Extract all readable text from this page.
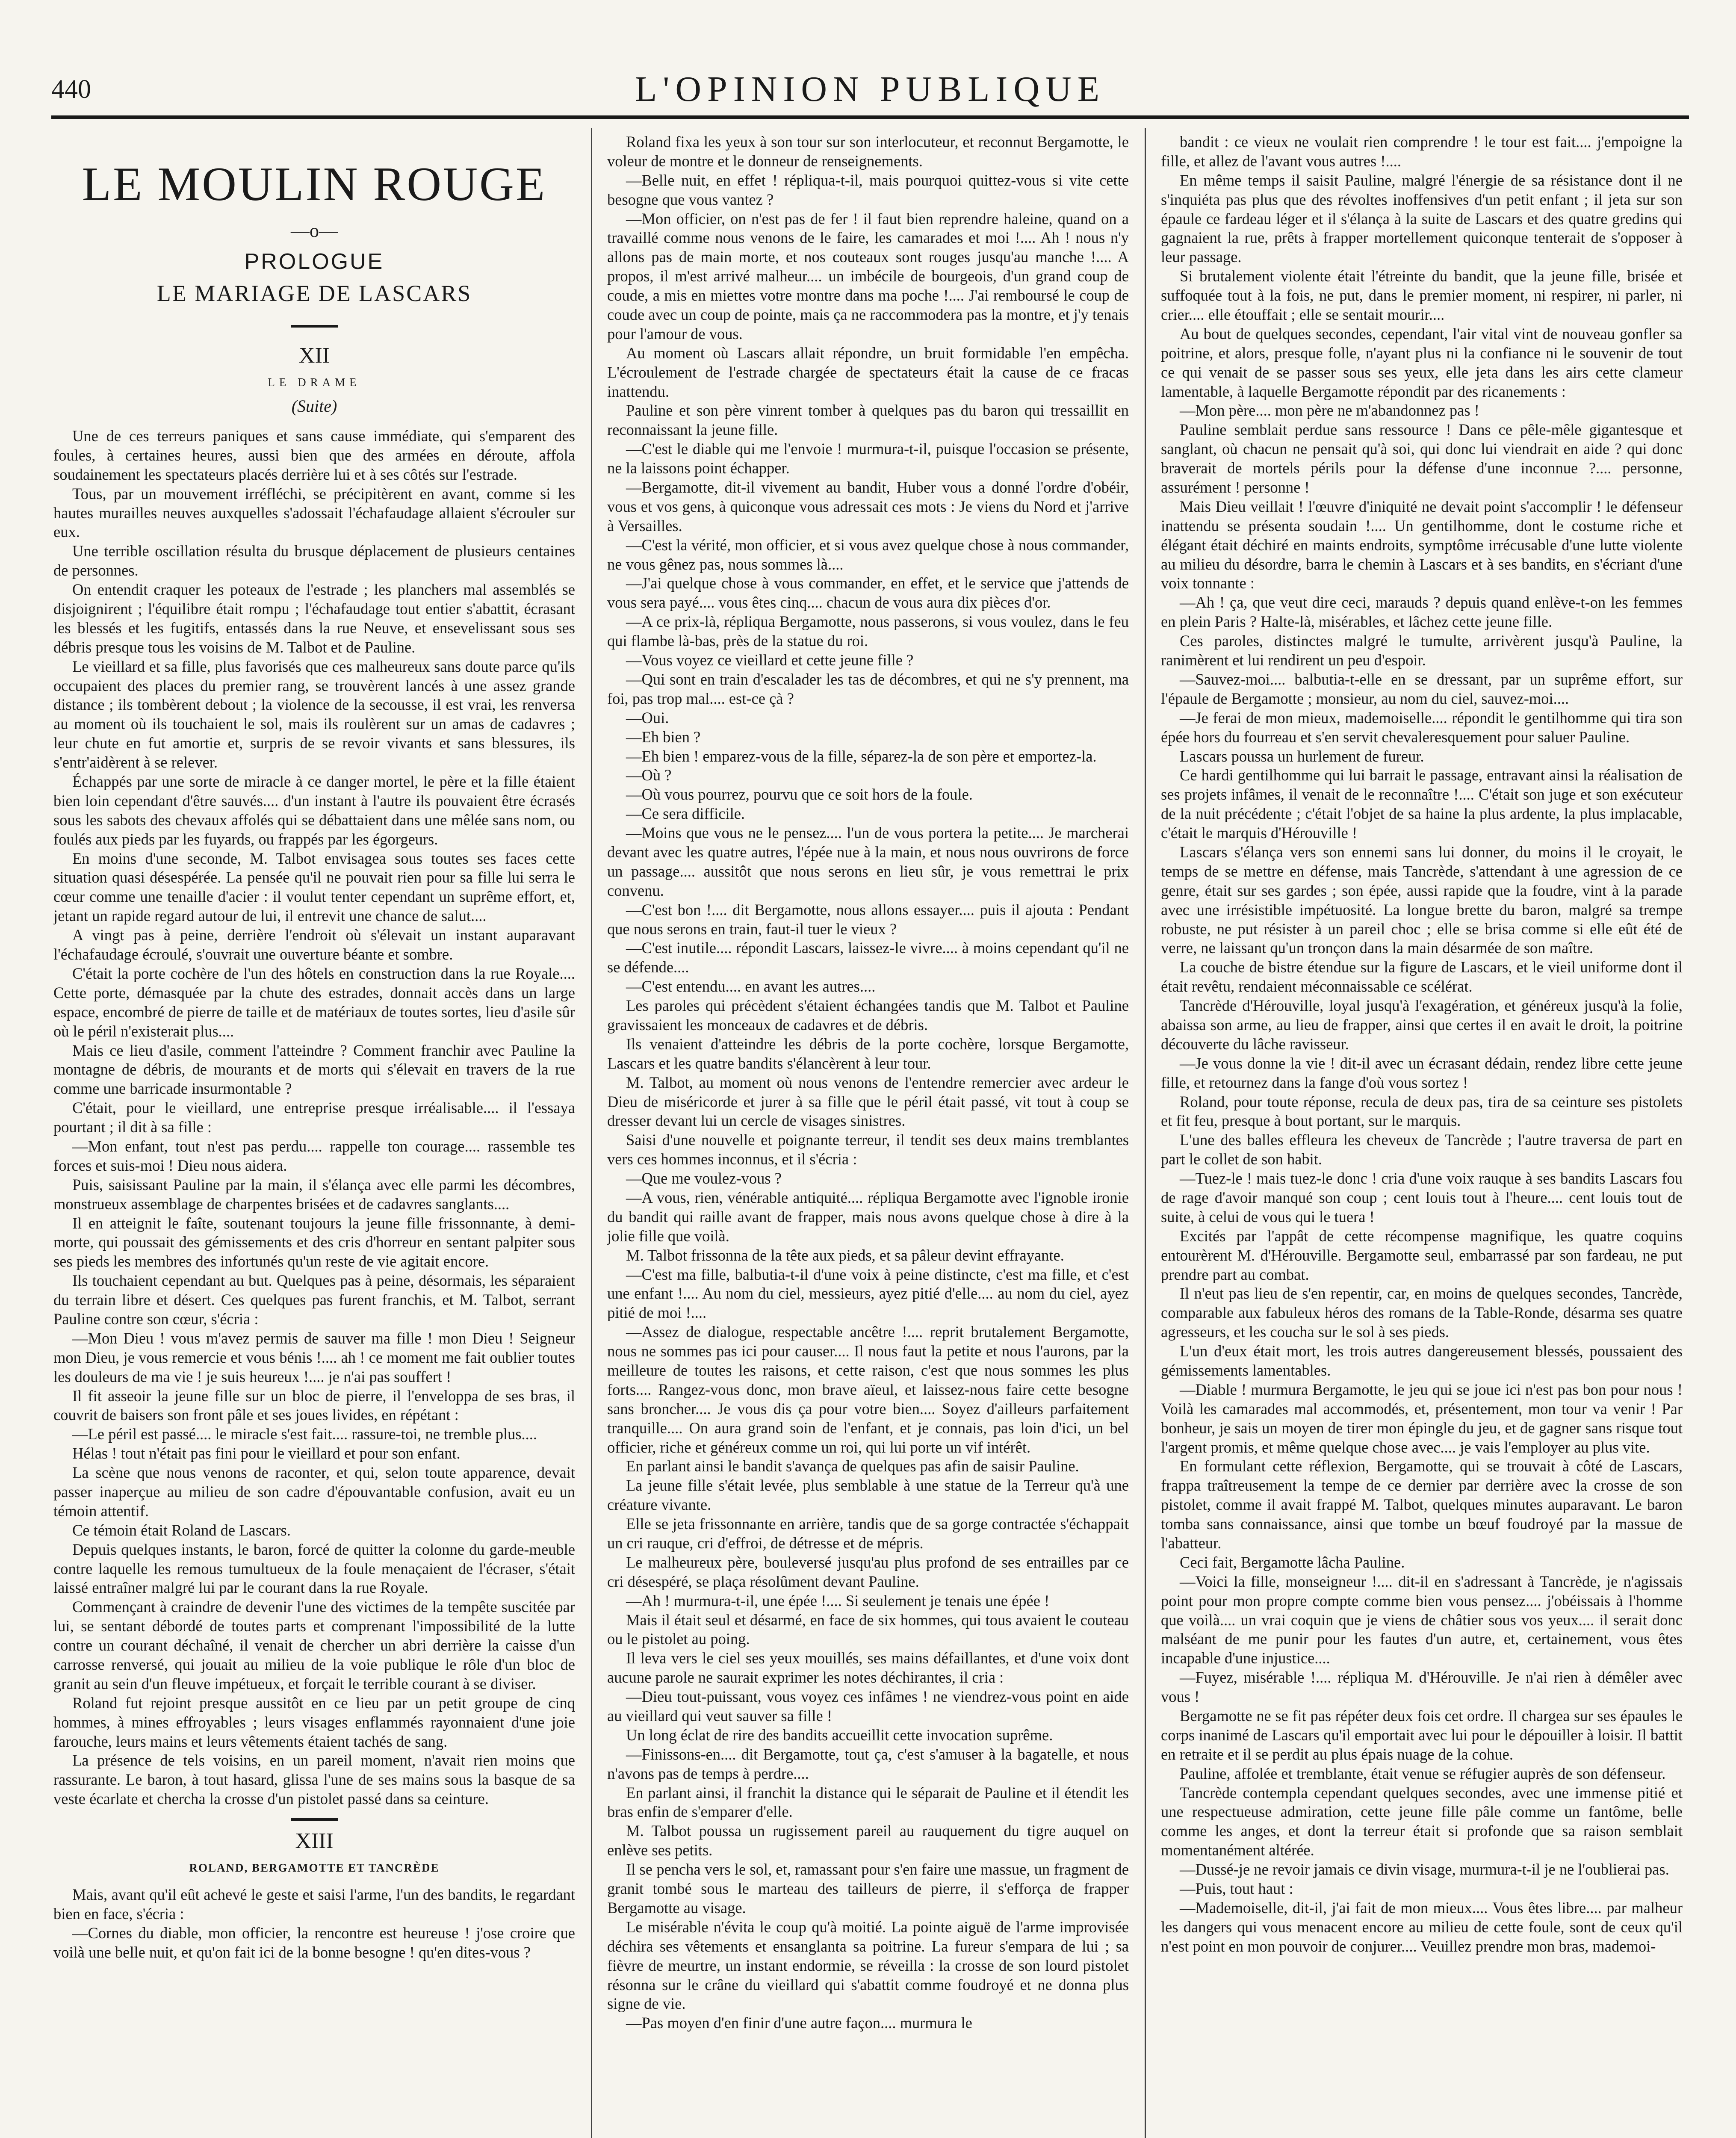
440	L'OPINION PUBLIQUE
LE MOULIN ROUGE
—o—
PROLOGUE
LE MARIAGE DE LASCARS
XII
LE DRAME
(Suite)

Une de ces terreurs paniques et sans cause immédiate, qui s'emparent des foules, à certaines heures, aussi bien que des armées en déroute, affola soudainement les spectateurs placés derrière lui et à ses côtés sur l'estrade.

Tous, par un mouvement irréfléchi, se précipitèrent en avant, comme si les hautes murailles neuves auxquelles s'adossait l'échafaudage allaient s'écrouler sur eux.

Une terrible oscillation résulta du brusque déplacement de plusieurs centaines de personnes.

On entendit craquer les poteaux de l'estrade ; les planchers mal assemblés se disjoignirent ; l'équilibre était rompu ; l'échafaudage tout entier s'abattit, écrasant les blessés et les fugitifs, entassés dans la rue Neuve, et ensevelissant sous ses débris presque tous les voisins de M. Talbot et de Pauline.

Le vieillard et sa fille, plus favorisés que ces malheureux sans doute parce qu'ils occupaient des places du premier rang, se trouvèrent lancés à une assez grande distance ; ils tombèrent debout ; la violence de la secousse, il est vrai, les renversa au moment où ils touchaient le sol, mais ils roulèrent sur un amas de cadavres ; leur chute en fut amortie et, surpris de se revoir vivants et sans blessures, ils s'entr'aidèrent à se relever.

Échappés par une sorte de miracle à ce danger mortel, le père et la fille étaient bien loin cependant d'être sauvés.... d'un instant à l'autre ils pouvaient être écrasés sous les sabots des chevaux affolés qui se débattaient dans une mêlée sans nom, ou foulés aux pieds par les fuyards, ou frappés par les égorgeurs.

En moins d'une seconde, M. Talbot envisagea sous toutes ses faces cette situation quasi désespérée. La pensée qu'il ne pouvait rien pour sa fille lui serra le cœur comme une tenaille d'acier : il voulut tenter cependant un suprême effort, et, jetant un rapide regard autour de lui, il entrevit une chance de salut....

A vingt pas à peine, derrière l'endroit où s'élevait un instant auparavant l'échafaudage écroulé, s'ouvrait une ouverture béante et sombre.

C'était la porte cochère de l'un des hôtels en construction dans la rue Royale.... Cette porte, démasquée par la chute des estrades, donnait accès dans un large espace, encombré de pierre de taille et de matériaux de toutes sortes, lieu d'asile sûr où le péril n'existerait plus....

Mais ce lieu d'asile, comment l'atteindre ? Comment franchir avec Pauline la montagne de débris, de mourants et de morts qui s'élevait en travers de la rue comme une barricade insurmontable ?

C'était, pour le vieillard, une entreprise presque irréalisable.... il l'essaya pourtant ; il dit à sa fille :

—Mon enfant, tout n'est pas perdu.... rappelle ton courage.... rassemble tes forces et suis-moi ! Dieu nous aidera.

Puis, saisissant Pauline par la main, il s'élança avec elle parmi les décombres, monstrueux assemblage de charpentes brisées et de cadavres sanglants....

Il en atteignit le faîte, soutenant toujours la jeune fille frissonnante, à demi-morte, qui poussait des gémissements et des cris d'horreur en sentant palpiter sous ses pieds les membres des infortunés qu'un reste de vie agitait encore.

Ils touchaient cependant au but. Quelques pas à peine, désormais, les séparaient du terrain libre et désert. Ces quelques pas furent franchis, et M. Talbot, serrant Pauline contre son cœur, s'écria :

—Mon Dieu ! vous m'avez permis de sauver ma fille ! mon Dieu ! Seigneur mon Dieu, je vous remercie et vous bénis !.... ah ! ce moment me fait oublier toutes les douleurs de ma vie ! je suis heureux !.... je n'ai pas souffert !

Il fit asseoir la jeune fille sur un bloc de pierre, il l'enveloppa de ses bras, il couvrit de baisers son front pâle et ses joues livides, en répétant :

—Le péril est passé.... le miracle s'est fait.... rassure-toi, ne tremble plus....

Hélas ! tout n'était pas fini pour le vieillard et pour son enfant.

La scène que nous venons de raconter, et qui, selon toute apparence, devait passer inaperçue au milieu de son cadre d'épouvantable confusion, avait eu un témoin attentif.

Ce témoin était Roland de Lascars.

Depuis quelques instants, le baron, forcé de quitter la colonne du garde-meuble contre laquelle les remous tumultueux de la foule menaçaient de l'écraser, s'était laissé entraîner malgré lui par le courant dans la rue Royale.

Commençant à craindre de devenir l'une des victimes de la tempête suscitée par lui, se sentant débordé de toutes parts et comprenant l'impossibilité de la lutte contre un courant déchaîné, il venait de chercher un abri derrière la caisse d'un carrosse renversé, qui jouait au milieu de la voie publique le rôle d'un bloc de granit au sein d'un fleuve impétueux, et forçait le terrible courant à se diviser.

Roland fut rejoint presque aussitôt en ce lieu par un petit groupe de cinq hommes, à mines effroyables ; leurs visages enflammés rayonnaient d'une joie farouche, leurs mains et leurs vêtements étaient tachés de sang.

La présence de tels voisins, en un pareil moment, n'avait rien moins que rassurante. Le baron, à tout hasard, glissa l'une de ses mains sous la basque de sa veste écarlate et chercha la crosse d'un pistolet passé dans sa ceinture.

XIII
ROLAND, BERGAMOTTE ET TANCRÈDE

Mais, avant qu'il eût achevé le geste et saisi l'arme, l'un des bandits, le regardant bien en face, s'écria :

—Cornes du diable, mon officier, la rencontre est heureuse ! j'ose croire que voilà une belle nuit, et qu'on fait ici de la bonne besogne ! qu'en dites-vous ?

Roland fixa les yeux à son tour sur son interlocuteur, et reconnut Bergamotte, le voleur de montre et le donneur de renseignements.

—Belle nuit, en effet ! répliqua-t-il, mais pourquoi quittez-vous si vite cette besogne que vous vantez ?

—Mon officier, on n'est pas de fer ! il faut bien reprendre haleine, quand on a travaillé comme nous venons de le faire, les camarades et moi !.... Ah ! nous n'y allons pas de main morte, et nos couteaux sont rouges jusqu'au manche !.... A propos, il m'est arrivé malheur.... un imbécile de bourgeois, d'un grand coup de coude, a mis en miettes votre montre dans ma poche !.... J'ai remboursé le coup de coude avec un coup de pointe, mais ça ne raccommodera pas la montre, et j'y tenais pour l'amour de vous.

Au moment où Lascars allait répondre, un bruit formidable l'en empêcha. L'écroulement de l'estrade chargée de spectateurs était la cause de ce fracas inattendu.

Pauline et son père vinrent tomber à quelques pas du baron qui tressaillit en reconnaissant la jeune fille.

—C'est le diable qui me l'envoie ! murmura-t-il, puisque l'occasion se présente, ne la laissons point échapper.

—Bergamotte, dit-il vivement au bandit, Huber vous a donné l'ordre d'obéir, vous et vos gens, à quiconque vous adressait ces mots : Je viens du Nord et j'arrive à Versailles.

—C'est la vérité, mon officier, et si vous avez quelque chose à nous commander, ne vous gênez pas, nous sommes là....

—J'ai quelque chose à vous commander, en effet, et le service que j'attends de vous sera payé.... vous êtes cinq.... chacun de vous aura dix pièces d'or.

—A ce prix-là, répliqua Bergamotte, nous passerons, si vous voulez, dans le feu qui flambe là-bas, près de la statue du roi.

—Vous voyez ce vieillard et cette jeune fille ?

—Qui sont en train d'escalader les tas de décombres, et qui ne s'y prennent, ma foi, pas trop mal.... est-ce çà ?

—Oui.

—Eh bien ?

—Eh bien ! emparez-vous de la fille, séparez-la de son père et emportez-la.

—Où ?

—Où vous pourrez, pourvu que ce soit hors de la foule.

—Ce sera difficile.

—Moins que vous ne le pensez.... l'un de vous portera la petite.... Je marcherai devant avec les quatre autres, l'épée nue à la main, et nous nous ouvrirons de force un passage.... aussitôt que nous serons en lieu sûr, je vous remettrai le prix convenu.

—C'est bon !.... dit Bergamotte, nous allons essayer.... puis il ajouta : Pendant que nous serons en train, faut-il tuer le vieux ?

—C'est inutile.... répondit Lascars, laissez-le vivre.... à moins cependant qu'il ne se défende....

—C'est entendu.... en avant les autres....

Les paroles qui précèdent s'étaient échangées tandis que M. Talbot et Pauline gravissaient les monceaux de cadavres et de débris.

Ils venaient d'atteindre les débris de la porte cochère, lorsque Bergamotte, Lascars et les quatre bandits s'élancèrent à leur tour.

M. Talbot, au moment où nous venons de l'entendre remercier avec ardeur le Dieu de miséricorde et jurer à sa fille que le péril était passé, vit tout à coup se dresser devant lui un cercle de visages sinistres.

Saisi d'une nouvelle et poignante terreur, il tendit ses deux mains tremblantes vers ces hommes inconnus, et il s'écria :

—Que me voulez-vous ?

—A vous, rien, vénérable antiquité.... répliqua Bergamotte avec l'ignoble ironie du bandit qui raille avant de frapper, mais nous avons quelque chose à dire à la jolie fille que voilà.

M. Talbot frissonna de la tête aux pieds, et sa pâleur devint effrayante.

—C'est ma fille, balbutia-t-il d'une voix à peine distincte, c'est ma fille, et c'est une enfant !.... Au nom du ciel, messieurs, ayez pitié d'elle.... au nom du ciel, ayez pitié de moi !....

—Assez de dialogue, respectable ancêtre !.... reprit brutalement Bergamotte, nous ne sommes pas ici pour causer.... Il nous faut la petite et nous l'aurons, par la meilleure de toutes les raisons, et cette raison, c'est que nous sommes les plus forts.... Rangez-vous donc, mon brave aïeul, et laissez-nous faire cette besogne sans broncher.... Je vous dis ça pour votre bien.... Soyez d'ailleurs parfaitement tranquille.... On aura grand soin de l'enfant, et je connais, pas loin d'ici, un bel officier, riche et généreux comme un roi, qui lui porte un vif intérêt.

En parlant ainsi le bandit s'avança de quelques pas afin de saisir Pauline.

La jeune fille s'était levée, plus semblable à une statue de la Terreur qu'à une créature vivante.

Elle se jeta frissonnante en arrière, tandis que de sa gorge contractée s'échappait un cri rauque, cri d'effroi, de détresse et de mépris.

Le malheureux père, bouleversé jusqu'au plus profond de ses entrailles par ce cri désespéré, se plaça résolûment devant Pauline.

—Ah ! murmura-t-il, une épée !.... Si seulement je tenais une épée !

Mais il était seul et désarmé, en face de six hommes, qui tous avaient le couteau ou le pistolet au poing.

Il leva vers le ciel ses yeux mouillés, ses mains défaillantes, et d'une voix dont aucune parole ne saurait exprimer les notes déchirantes, il cria :

—Dieu tout-puissant, vous voyez ces infâmes ! ne viendrez-vous point en aide au vieillard qui veut sauver sa fille !

Un long éclat de rire des bandits accueillit cette invocation suprême.

—Finissons-en.... dit Bergamotte, tout ça, c'est s'amuser à la bagatelle, et nous n'avons pas de temps à perdre....

En parlant ainsi, il franchit la distance qui le séparait de Pauline et il étendit les bras enfin de s'emparer d'elle.

M. Talbot poussa un rugissement pareil au rauquement du tigre auquel on enlève ses petits.

Il se pencha vers le sol, et, ramassant pour s'en faire une massue, un fragment de granit tombé sous le marteau des tailleurs de pierre, il s'efforça de frapper Bergamotte au visage.

Le misérable n'évita le coup qu'à moitié. La pointe aiguë de l'arme improvisée déchira ses vêtements et ensanglanta sa poitrine. La fureur s'empara de lui ; sa fièvre de meurtre, un instant endormie, se réveilla : la crosse de son lourd pistolet résonna sur le crâne du vieillard qui s'abattit comme foudroyé et ne donna plus signe de vie.

—Pas moyen d'en finir d'une autre façon.... murmura le

bandit : ce vieux ne voulait rien comprendre ! le tour est fait.... j'empoigne la fille, et allez de l'avant vous autres !....

En même temps il saisit Pauline, malgré l'énergie de sa résistance dont il ne s'inquiéta pas plus que des révoltes inoffensives d'un petit enfant ; il jeta sur son épaule ce fardeau léger et il s'élança à la suite de Lascars et des quatre gredins qui gagnaient la rue, prêts à frapper mortellement quiconque tenterait de s'opposer à leur passage.

Si brutalement violente était l'étreinte du bandit, que la jeune fille, brisée et suffoquée tout à la fois, ne put, dans le premier moment, ni respirer, ni parler, ni crier.... elle étouffait ; elle se sentait mourir....

Au bout de quelques secondes, cependant, l'air vital vint de nouveau gonfler sa poitrine, et alors, presque folle, n'ayant plus ni la confiance ni le souvenir de tout ce qui venait de se passer sous ses yeux, elle jeta dans les airs cette clameur lamentable, à laquelle Bergamotte répondit par des ricanements :

—Mon père.... mon père ne m'abandonnez pas !

Pauline semblait perdue sans ressource ! Dans ce pêle-mêle gigantesque et sanglant, où chacun ne pensait qu'à soi, qui donc lui viendrait en aide ? qui donc braverait de mortels périls pour la défense d'une inconnue ?.... personne, assurément ! personne !

Mais Dieu veillait ! l'œuvre d'iniquité ne devait point s'accomplir ! le défenseur inattendu se présenta soudain !.... Un gentilhomme, dont le costume riche et élégant était déchiré en maints endroits, symptôme irrécusable d'une lutte violente au milieu du désordre, barra le chemin à Lascars et à ses bandits, en s'écriant d'une voix tonnante :

—Ah ! ça, que veut dire ceci, marauds ? depuis quand enlève-t-on les femmes en plein Paris ? Halte-là, misérables, et lâchez cette jeune fille.

Ces paroles, distinctes malgré le tumulte, arrivèrent jusqu'à Pauline, la ranimèrent et lui rendirent un peu d'espoir.

—Sauvez-moi.... balbutia-t-elle en se dressant, par un suprême effort, sur l'épaule de Bergamotte ; monsieur, au nom du ciel, sauvez-moi....

—Je ferai de mon mieux, mademoiselle.... répondit le gentilhomme qui tira son épée hors du fourreau et s'en servit chevaleresquement pour saluer Pauline.

Lascars poussa un hurlement de fureur.

Ce hardi gentilhomme qui lui barrait le passage, entravant ainsi la réalisation de ses projets infâmes, il venait de le reconnaître !.... C'était son juge et son exécuteur de la nuit précédente ; c'était l'objet de sa haine la plus ardente, la plus implacable, c'était le marquis d'Hérouville !

Lascars s'élança vers son ennemi sans lui donner, du moins il le croyait, le temps de se mettre en défense, mais Tancrède, s'attendant à une agression de ce genre, était sur ses gardes ; son épée, aussi rapide que la foudre, vint à la parade avec une irrésistible impétuosité. La longue brette du baron, malgré sa trempe robuste, ne put résister à un pareil choc ; elle se brisa comme si elle eût été de verre, ne laissant qu'un tronçon dans la main désarmée de son maître.

La couche de bistre étendue sur la figure de Lascars, et le vieil uniforme dont il était revêtu, rendaient méconnaissable ce scélérat.

Tancrède d'Hérouville, loyal jusqu'à l'exagération, et généreux jusqu'à la folie, abaissa son arme, au lieu de frapper, ainsi que certes il en avait le droit, la poitrine découverte du lâche ravisseur.

—Je vous donne la vie ! dit-il avec un écrasant dédain, rendez libre cette jeune fille, et retournez dans la fange d'où vous sortez !

Roland, pour toute réponse, recula de deux pas, tira de sa ceinture ses pistolets et fit feu, presque à bout portant, sur le marquis.

L'une des balles effleura les cheveux de Tancrède ; l'autre traversa de part en part le collet de son habit.

—Tuez-le ! mais tuez-le donc ! cria d'une voix rauque à ses bandits Lascars fou de rage d'avoir manqué son coup ; cent louis tout à l'heure.... cent louis tout de suite, à celui de vous qui le tuera !

Excités par l'appât de cette récompense magnifique, les quatre coquins entourèrent M. d'Hérouville. Bergamotte seul, embarrassé par son fardeau, ne put prendre part au combat.

Il n'eut pas lieu de s'en repentir, car, en moins de quelques secondes, Tancrède, comparable aux fabuleux héros des romans de la Table-Ronde, désarma ses quatre agresseurs, et les coucha sur le sol à ses pieds.

L'un d'eux était mort, les trois autres dangereusement blessés, poussaient des gémissements lamentables.

—Diable ! murmura Bergamotte, le jeu qui se joue ici n'est pas bon pour nous ! Voilà les camarades mal accommodés, et, présentement, mon tour va venir ! Par bonheur, je sais un moyen de tirer mon épingle du jeu, et de gagner sans risque tout l'argent promis, et même quelque chose avec.... je vais l'employer au plus vite.

En formulant cette réflexion, Bergamotte, qui se trouvait à côté de Lascars, frappa traîtreusement la tempe de ce dernier par derrière avec la crosse de son pistolet, comme il avait frappé M. Talbot, quelques minutes auparavant. Le baron tomba sans connaissance, ainsi que tombe un bœuf foudroyé par la massue de l'abatteur.

Ceci fait, Bergamotte lâcha Pauline.

—Voici la fille, monseigneur !.... dit-il en s'adressant à Tancrède, je n'agissais point pour mon propre compte comme bien vous pensez.... j'obéissais à l'homme que voilà.... un vrai coquin que je viens de châtier sous vos yeux.... il serait donc malséant de me punir pour les fautes d'un autre, et, certainement, vous êtes incapable d'une injustice....

—Fuyez, misérable !.... répliqua M. d'Hérouville. Je n'ai rien à démêler avec vous !

Bergamotte ne se fit pas répéter deux fois cet ordre. Il chargea sur ses épaules le corps inanimé de Lascars qu'il emportait avec lui pour le dépouiller à loisir. Il battit en retraite et il se perdit au plus épais nuage de la cohue.

Pauline, affolée et tremblante, était venue se réfugier auprès de son défenseur.

Tancrède contempla cependant quelques secondes, avec une immense pitié et une respectueuse admiration, cette jeune fille pâle comme un fantôme, belle comme les anges, et dont la terreur était si profonde que sa raison semblait momentanément altérée.

—Dussé-je ne revoir jamais ce divin visage, murmura-t-il je ne l'oublierai pas.

—Puis, tout haut :

—Mademoiselle, dit-il, j'ai fait de mon mieux.... Vous êtes libre.... par malheur les dangers qui vous menacent encore au milieu de cette foule, sont de ceux qu'il n'est point en mon pouvoir de conjurer.... Veuillez prendre mon bras, mademoi-
